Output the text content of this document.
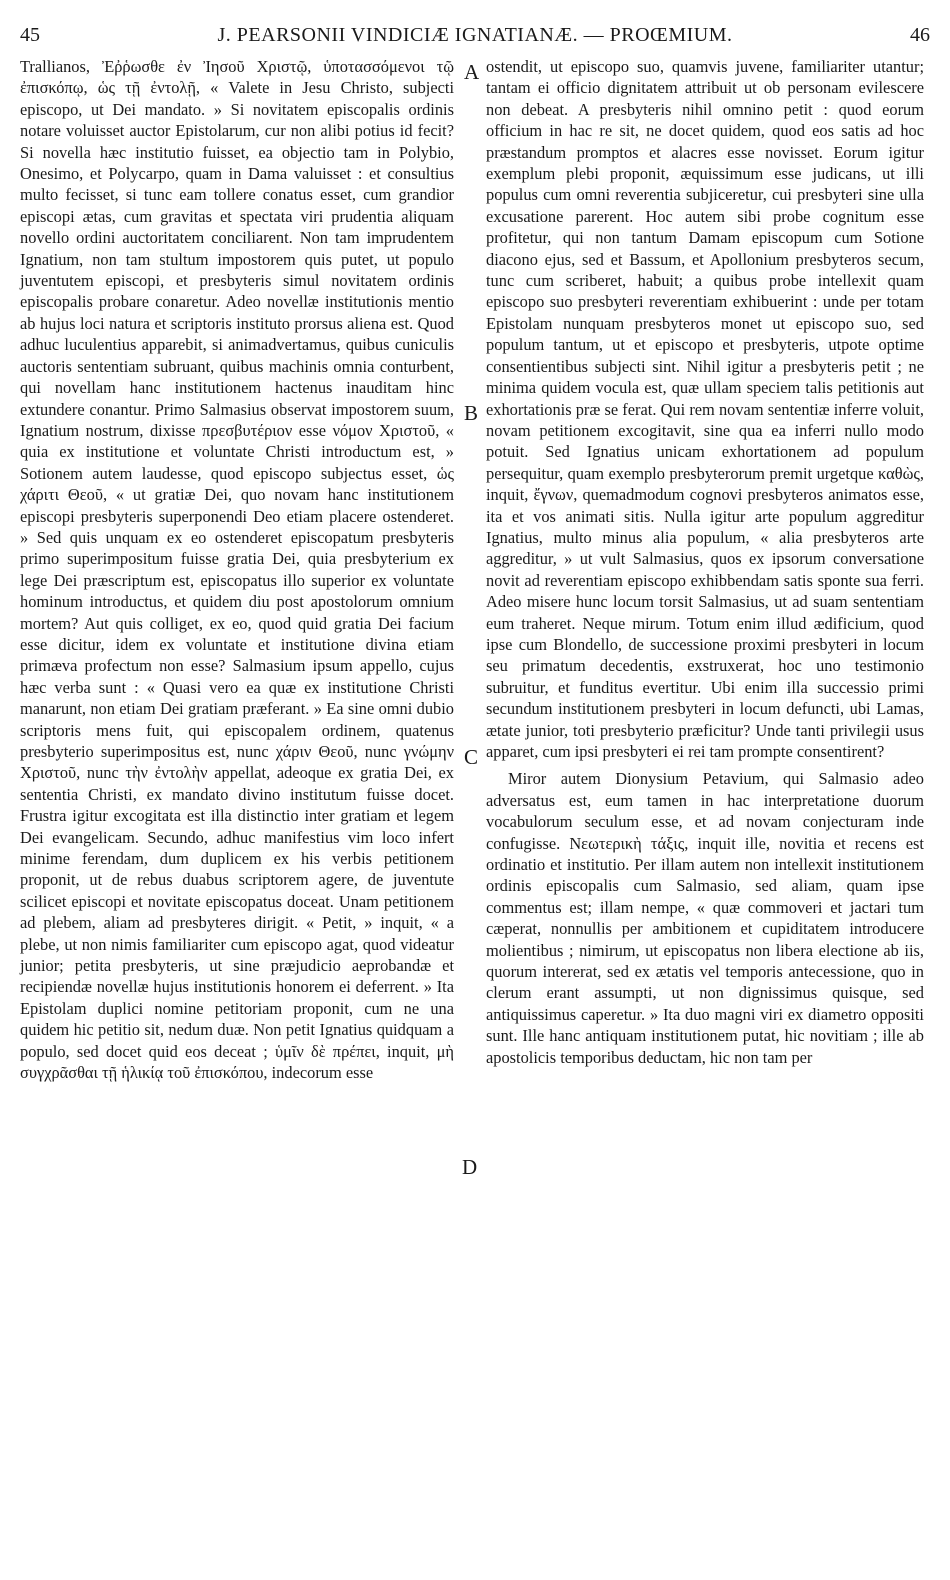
45	J. PEARSONII VINDICIÆ IGNATIANÆ. — PROŒMIUM.	46

Trallianos, Ἐῤῥωσθε ἐν Ἰησοῦ Χριστῷ, ὑποτασσόμενοι τῷ ἐπισκόπῳ, ὡς τῇ ἐντολῇ, « Valete in Jesu Christo, subjecti episcopo, ut Dei mandato. » Si novitatem episcopalis ordinis notare voluisset auctor Epistolarum, cur non alibi potius id fecit? Si novella hæc institutio fuisset, ea objectio tam in Polybio, Onesimo, et Polycarpo, quam in Dama valuisset : et consultius multo fecisset, si tunc eam tollere conatus esset, cum grandior episcopi ætas, cum gravitas et spectata viri prudentia aliquam novello ordini auctoritatem conciliarent. Non tam imprudentem Ignatium, non tam stultum impostorem quis putet, ut populo juventutem episcopi, et presbyteris simul novitatem ordinis episcopalis probare conaretur. Adeo novellæ institutionis mentio ab hujus loci natura et scriptoris instituto prorsus aliena est. Quod adhuc luculentius apparebit, si animadvertamus, quibus cuniculis auctoris sententiam subruant, quibus machinis omnia conturbent, qui novellam hanc institutionem hactenus inauditam hinc extundere conantur. Primo Salmasius observat impostorem suum, Ignatium nostrum, dixisse πρεσβυτέριον esse νόμον Χριστοῦ, « quia ex institutione et voluntate Christi introductum est, » Sotionem autem laudesse, quod episcopo subjectus esset, ὡς χάριτι Θεοῦ, « ut gratiæ Dei, quo novam hanc institutionem episcopi presbyteris superponendi Deo etiam placere ostenderet. » Sed quis unquam ex eo ostenderet episcopatum presbyteris primo superimpositum fuisse gratia Dei, quia presbyterium ex lege Dei præscriptum est, episcopatus illo superior ex voluntate hominum introductus, et quidem diu post apostolorum omnium mortem? Aut quis colliget, ex eo, quod quid gratia Dei facium esse dicitur, idem ex voluntate et institutione divina etiam primæva profectum non esse? Salmasium ipsum appello, cujus hæc verba sunt : « Quasi vero ea quæ ex institutione Christi manarunt, non etiam Dei gratiam præferant. » Ea sine omni dubio scriptoris mens fuit, qui episcopalem ordinem, quatenus presbyterio superimpositus est, nunc χάριν Θεοῦ, nunc γνώμην Χριστοῦ, nunc τὴν ἐντολὴν appellat, adeoque ex gratia Dei, ex sententia Christi, ex mandato divino institutum fuisse docet. Frustra igitur excogitata est illa distinctio inter gratiam et legem Dei evangelicam. Secundo, adhuc manifestius vim loco infert minime ferendam, dum duplicem ex his verbis petitionem proponit, ut de rebus duabus scriptorem agere, de juventute scilicet episcopi et novitate episcopatus doceat. Unam petitionem ad plebem, aliam ad presbyteres dirigit. « Petit, » inquit, « a plebe, ut non nimis familiariter cum episcopo agat, quod videatur junior; petita presbyteris, ut sine præjudicio aeprobandæ et recipiendæ novellæ hujus institutionis honorem ei deferrent. » Ita Epistolam duplici nomine petitoriam proponit, cum ne una quidem hic petitio sit, nedum duæ. Non petit Ignatius quidquam a populo, sed docet quid eos deceat ; ὑμῖν δὲ πρέπει, inquit, μὴ συγχρᾶσθαι τῇ ἡλικίᾳ τοῦ ἐπισκόπου, indecorum esse

A
B
C
D

ostendit, ut episcopo suo, quamvis juvene, familiariter utantur; tantam ei officio dignitatem attribuit ut ob personam evilescere non debeat. A presbyteris nihil omnino petit : quod eorum officium in hac re sit, ne docet quidem, quod eos satis ad hoc præstandum promptos et alacres esse novisset. Eorum igitur exemplum plebi proponit, æquissimum esse judicans, ut illi populus cum omni reverentia subjiceretur, cui presbyteri sine ulla excusatione parerent. Hoc autem sibi probe cognitum esse profitetur, qui non tantum Damam episcopum cum Sotione diacono ejus, sed et Bassum, et Apollonium presbyteros secum, tunc cum scriberet, habuit; a quibus probe intellexit quam episcopo suo presbyteri reverentiam exhibuerint : unde per totam Epistolam nunquam presbyteros monet ut episcopo suo, sed populum tantum, ut et episcopo et presbyteris, utpote optime consentientibus subjecti sint. Nihil igitur a presbyteris petit ; ne minima quidem vocula est, quæ ullam speciem talis petitionis aut exhortationis præ se ferat. Qui rem novam sententiæ inferre voluit, novam petitionem excogitavit, sine qua ea inferri nullo modo potuit. Sed Ignatius unicam exhortationem ad populum persequitur, quam exemplo presbyterorum premit urgetque καθὼς, inquit, ἔγνων, quemadmodum cognovi presbyteros animatos esse, ita et vos animati sitis. Nulla igitur arte populum aggreditur Ignatius, multo minus alia populum, « alia presbyteros arte aggreditur, » ut vult Salmasius, quos ex ipsorum conversatione novit ad reverentiam episcopo exhibbendam satis sponte sua ferri. Adeo misere hunc locum torsit Salmasius, ut ad suam sententiam eum traheret. Neque mirum. Totum enim illud ædificium, quod ipse cum Blondello, de successione proximi presbyteri in locum seu primatum decedentis, exstruxerat, hoc uno testimonio subruitur, et funditus evertitur. Ubi enim illa successio primi secundum institutionem presbyteri in locum defuncti, ubi Lamas, ætate junior, toti presbyterio præficitur? Unde tanti privilegii usus apparet, cum ipsi presbyteri ei rei tam prompte consentirent?

Miror autem Dionysium Petavium, qui Salmasio adeo adversatus est, eum tamen in hac interpretatione duorum vocabulorum seculum esse, et ad novam conjecturam inde confugisse. Νεωτερικὴ τάξις, inquit ille, novitia et recens est ordinatio et institutio. Per illam autem non intellexit institutionem ordinis episcopalis cum Salmasio, sed aliam, quam ipse commentus est; illam nempe, « quæ commoveri et jactari tum cæperat, nonnullis per ambitionem et cupiditatem introducere molientibus ; nimirum, ut episcopatus non libera electione ab iis, quorum intererat, sed ex ætatis vel temporis antecessione, quo in clerum erant assumpti, ut non dignissimus quisque, sed antiquissimus caperetur. » Ita duo magni viri ex diametro oppositi sunt. Ille hanc antiquam institutionem putat, hic novitiam ; ille ab apostolicis temporibus deductam, hic non tam per
